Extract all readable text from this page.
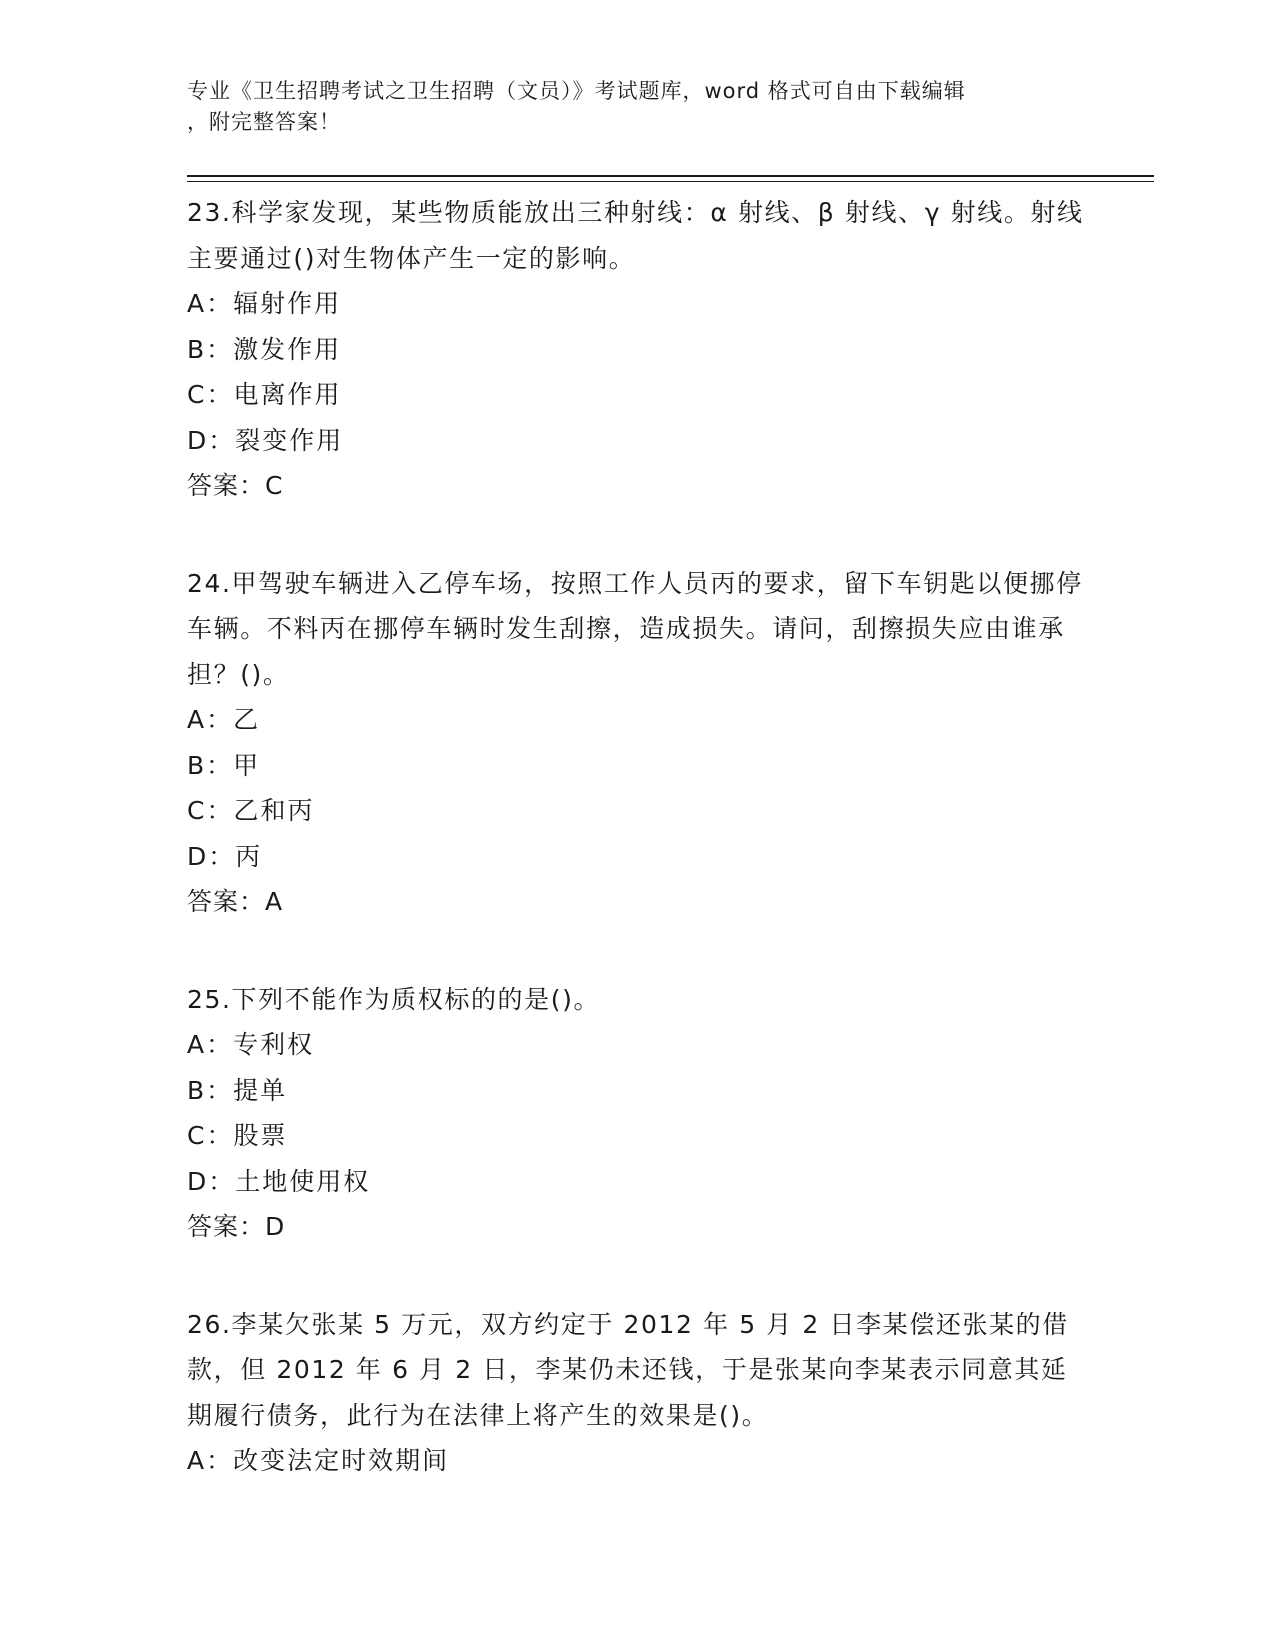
专业《卫生招聘考试之卫生招聘（文员）》考试题库，word 格式可自由下载编辑

，附完整答案！

23.科学家发现，某些物质能放出三种射线：α 射线、β 射线、γ 射线。射线主要通过()对生物体产生一定的影响。

A：辐射作用

B：激发作用

C：电离作用

D：裂变作用

答案：C

24.甲驾驶车辆进入乙停车场，按照工作人员丙的要求，留下车钥匙以便挪停车辆。不料丙在挪停车辆时发生刮擦，造成损失。请问，刮擦损失应由谁承担？()。

A：乙

B：甲

C：乙和丙

D：丙

答案：A

25.下列不能作为质权标的的是()。

A：专利权

B：提单

C：股票

D：土地使用权

答案：D

26.李某欠张某 5 万元，双方约定于 2012 年 5 月 2 日李某偿还张某的借款，但 2012 年 6 月 2 日，李某仍未还钱，于是张某向李某表示同意其延期履行债务，此行为在法律上将产生的效果是()。

A：改变法定时效期间
